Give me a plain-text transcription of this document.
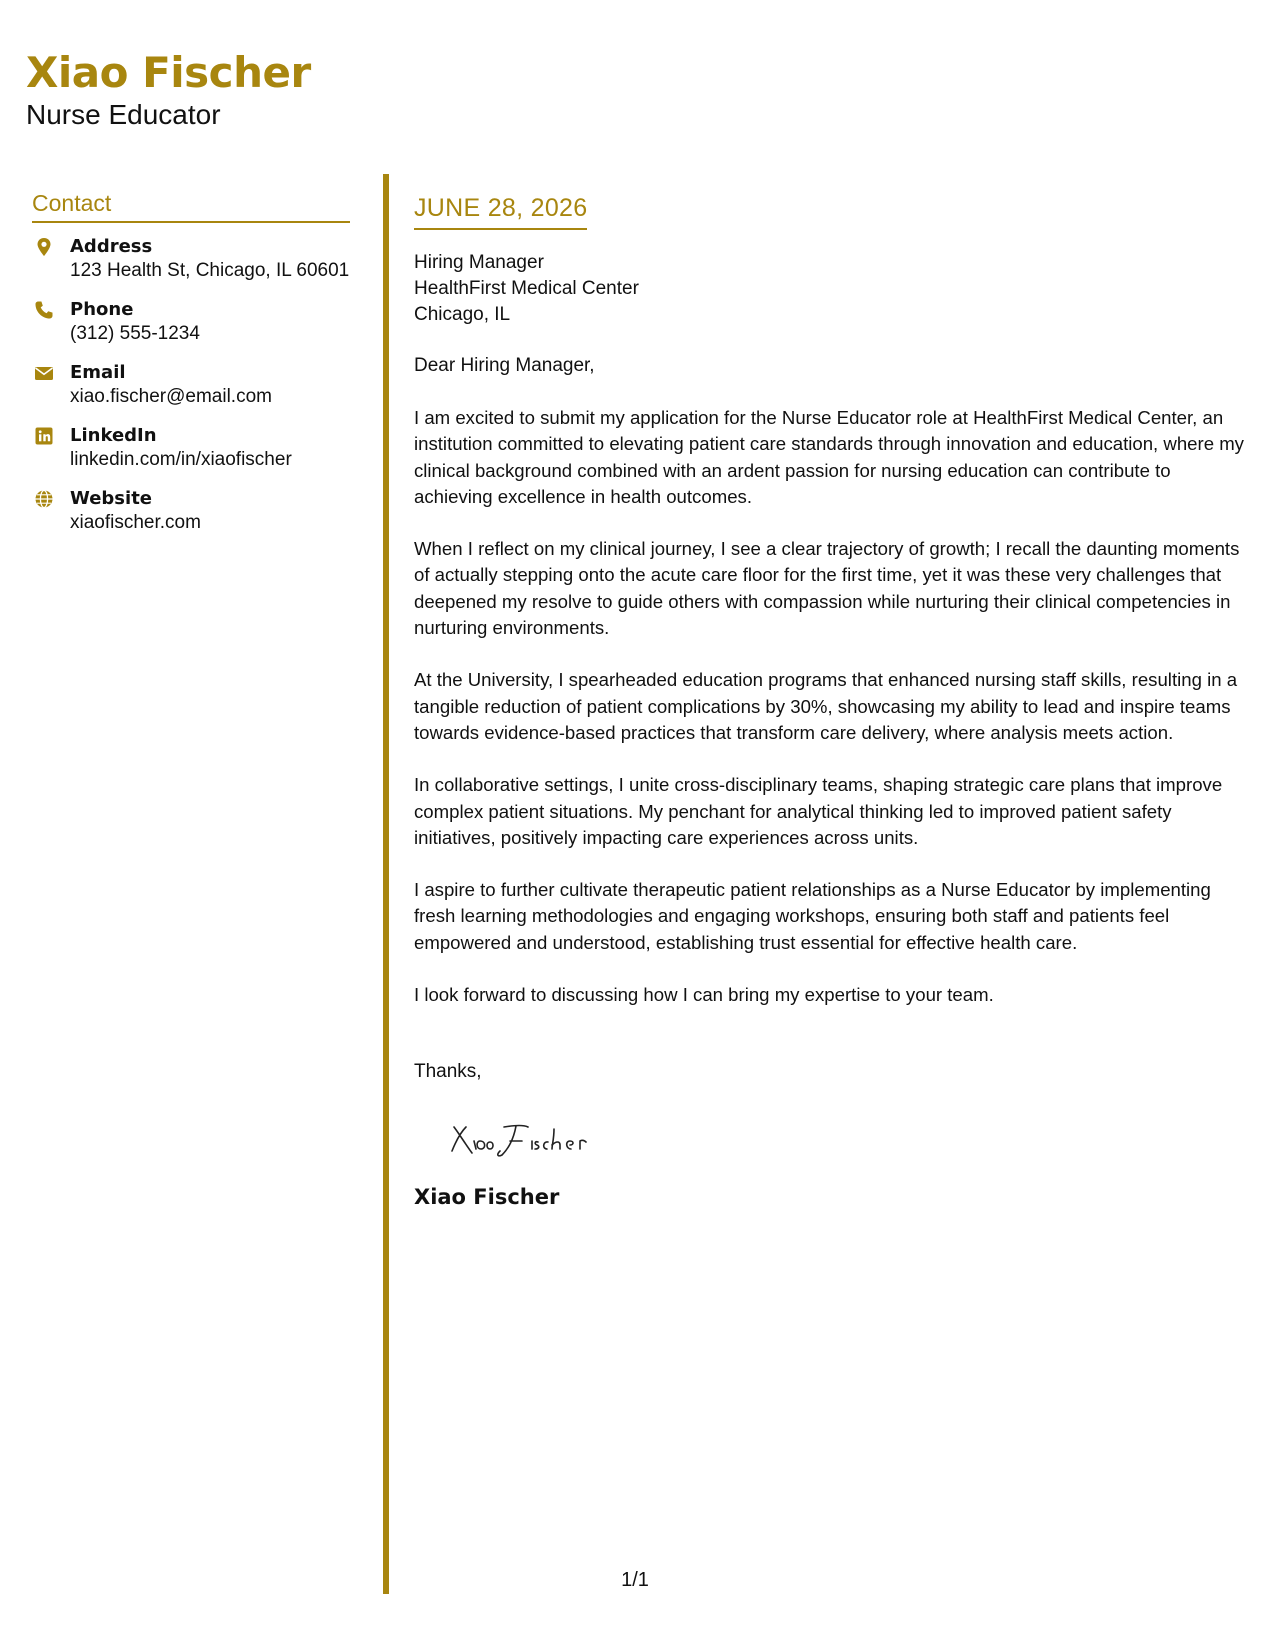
Xiao Fischer
Nurse Educator
Contact
Address
123 Health St, Chicago, IL 60601
Phone
(312) 555-1234
Email
xiao.fischer@email.com
LinkedIn
linkedin.com/in/xiaofischer
Website
xiaofischer.com
JUNE 28, 2026
Hiring Manager
HealthFirst Medical Center
Chicago, IL
Dear Hiring Manager,
I am excited to submit my application for the Nurse Educator role at HealthFirst Medical Center, an institution committed to elevating patient care standards through innovation and education, where my clinical background combined with an ardent passion for nursing education can contribute to achieving excellence in health outcomes.
When I reflect on my clinical journey, I see a clear trajectory of growth; I recall the daunting moments of actually stepping onto the acute care floor for the first time, yet it was these very challenges that deepened my resolve to guide others with compassion while nurturing their clinical competencies in nurturing environments.
At the University, I spearheaded education programs that enhanced nursing staff skills, resulting in a tangible reduction of patient complications by 30%, showcasing my ability to lead and inspire teams towards evidence-based practices that transform care delivery, where analysis meets action.
In collaborative settings, I unite cross-disciplinary teams, shaping strategic care plans that improve complex patient situations. My penchant for analytical thinking led to improved patient safety initiatives, positively impacting care experiences across units.
I aspire to further cultivate therapeutic patient relationships as a Nurse Educator by implementing fresh learning methodologies and engaging workshops, ensuring both staff and patients feel empowered and understood, establishing trust essential for effective health care.
I look forward to discussing how I can bring my expertise to your team.
Thanks,
Xiao Fischer
1/1
